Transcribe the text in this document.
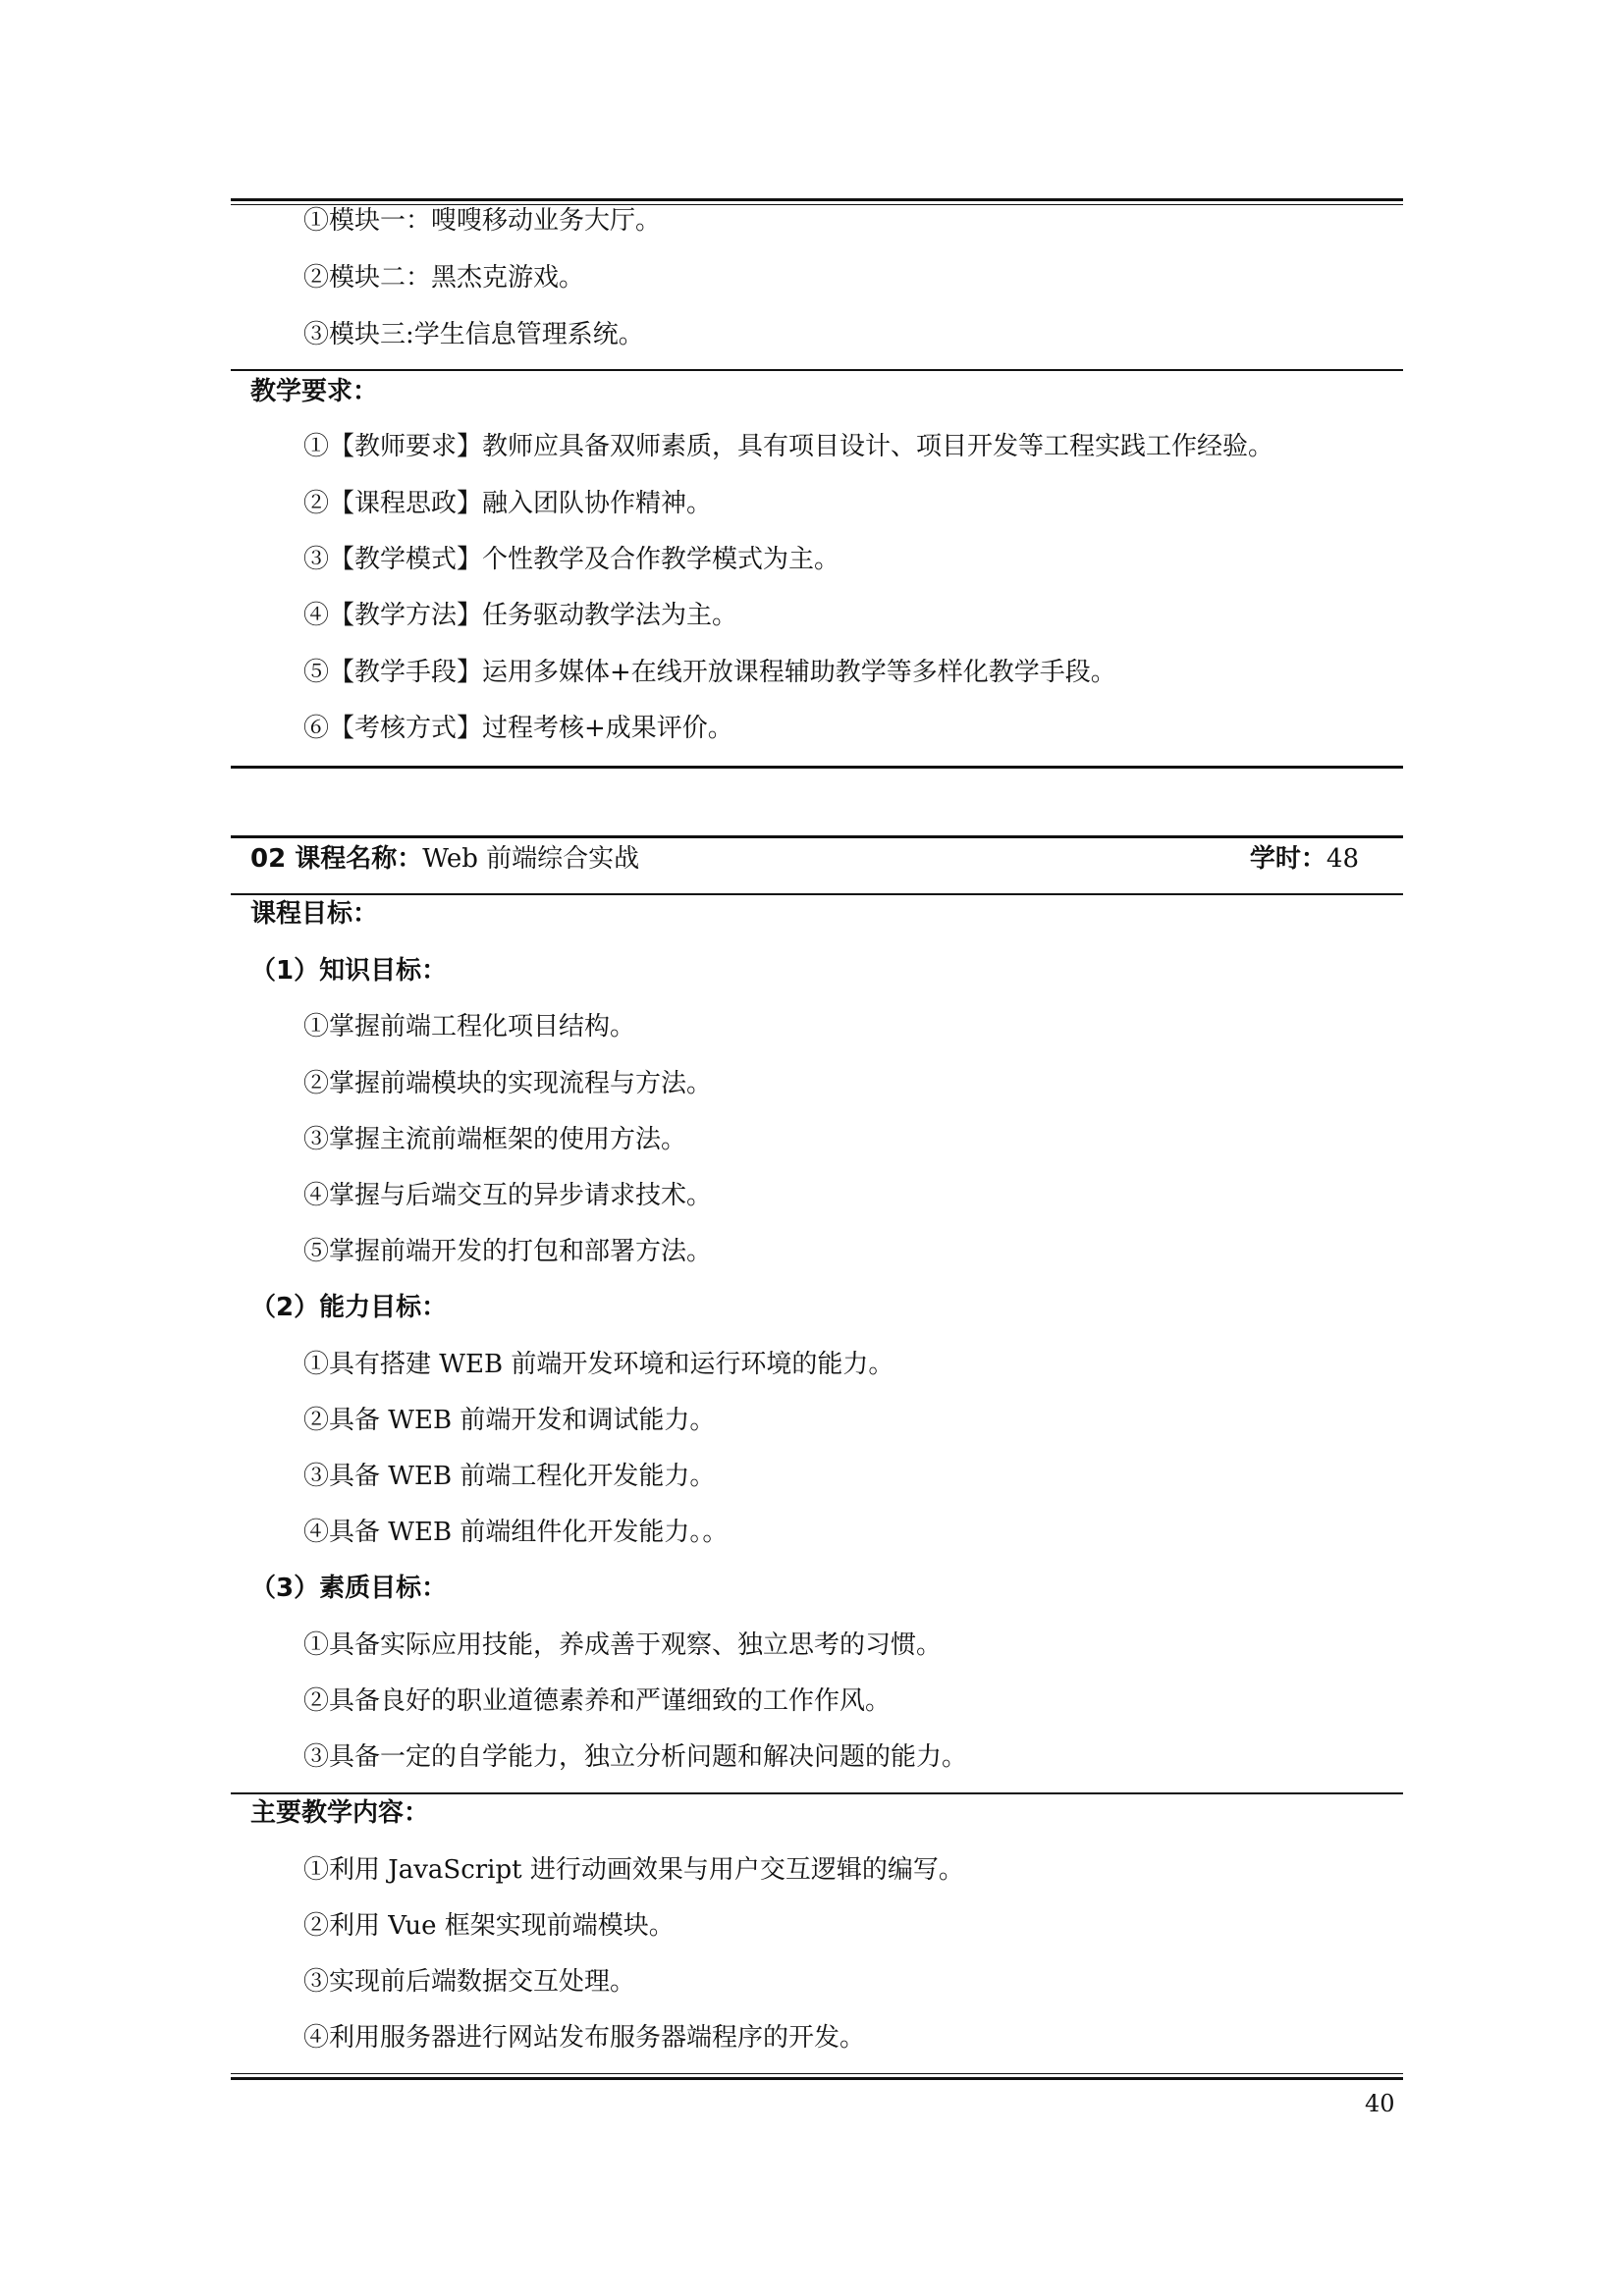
①模块一：嗖嗖移动业务大厅。
②模块二：黑杰克游戏。
③模块三:学生信息管理系统。
教学要求：
①【教师要求】教师应具备双师素质，具有项目设计、项目开发等工程实践工作经验。
②【课程思政】融入团队协作精神。
③【教学模式】个性教学及合作教学模式为主。
④【教学方法】任务驱动教学法为主。
⑤【教学手段】运用多媒体+在线开放课程辅助教学等多样化教学手段。
⑥【考核方式】过程考核+成果评价。
02 课程名称：Web 前端综合实战	学时：48
课程目标：
（1）知识目标：
①掌握前端工程化项目结构。
②掌握前端模块的实现流程与方法。
③掌握主流前端框架的使用方法。
④掌握与后端交互的异步请求技术。
⑤掌握前端开发的打包和部署方法。
（2）能力目标：
①具有搭建 WEB 前端开发环境和运行环境的能力。
②具备 WEB 前端开发和调试能力。
③具备 WEB 前端工程化开发能力。
④具备 WEB 前端组件化开发能力。。
（3）素质目标：
①具备实际应用技能，养成善于观察、独立思考的习惯。
②具备良好的职业道德素养和严谨细致的工作作风。
③具备一定的自学能力，独立分析问题和解决问题的能力。
主要教学内容：
①利用 JavaScript 进行动画效果与用户交互逻辑的编写。
②利用 Vue 框架实现前端模块。
③实现前后端数据交互处理。
④利用服务器进行网站发布服务器端程序的开发。
40
